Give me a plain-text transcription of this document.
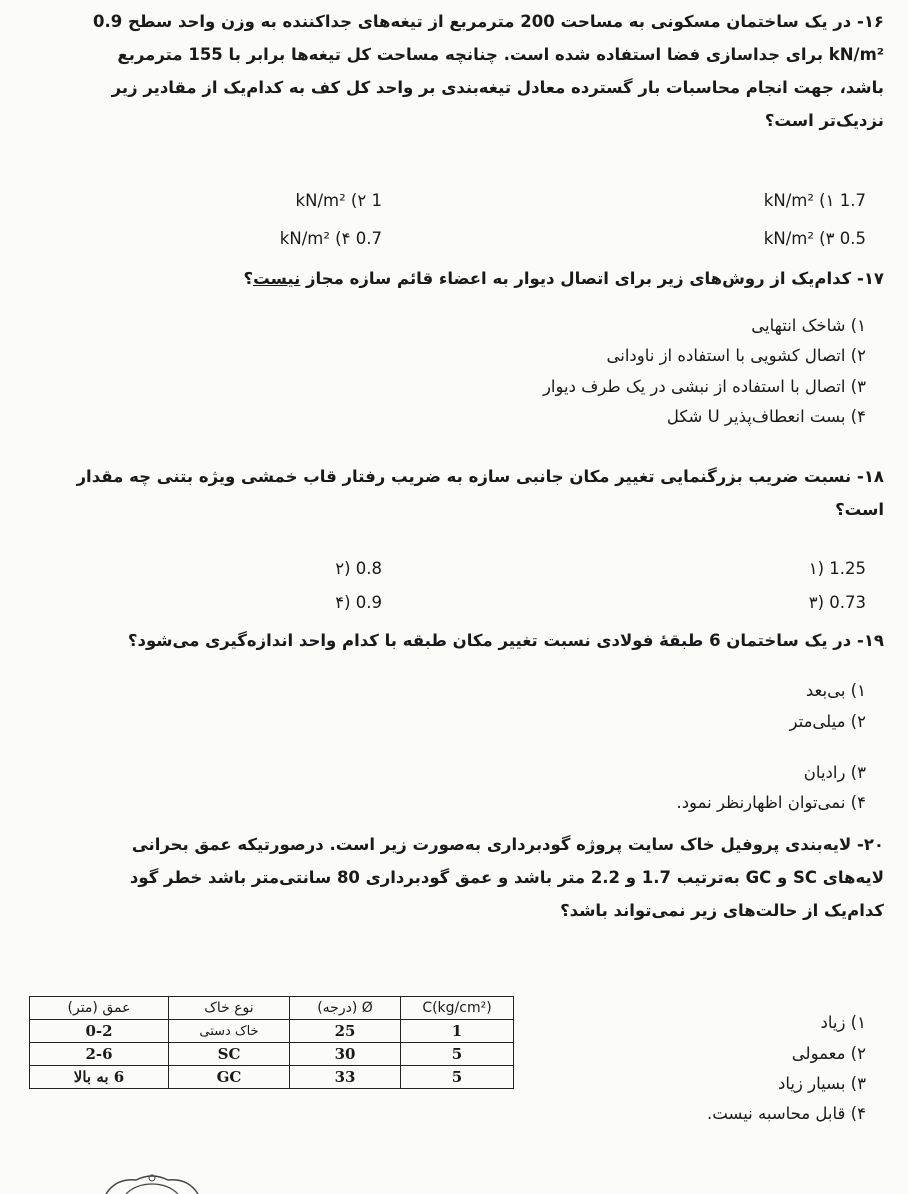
۱۶- در یک ساختمان مسکونی به مساحت 200 مترمربع از تیغه‌های جداکننده به وزن واحد سطح 0.9
kN/m² برای جداسازی فضا استفاده شده است. چنانچه مساحت کل تیغه‌ها برابر با 155 مترمربع
باشد، جهت انجام محاسبات بار گسترده معادل تیغه‌بندی بر واحد کل کف به کدام‌یک از مقادیر زیر
نزدیک‌تر است؟
1.7 kN/m² (۱
1 kN/m² (۲
0.5 kN/m² (۳
0.7 kN/m² (۴
۱۷- کدام‌یک از روش‌های زیر برای اتصال دیوار به اعضاء قائم سازه مجاز نیست؟
۱) شاخک انتهایی
۲) اتصال کشویی با استفاده از ناودانی
۳) اتصال با استفاده از نبشی در یک طرف دیوار
۴) بست انعطاف‌پذیر U شکل
۱۸- نسبت ضریب بزرگنمایی تغییر مکان جانبی سازه به ضریب رفتار قاب خمشی ویژه بتنی چه مقدار
است؟
1.25 (۱
0.8 (۲
0.73 (۳
0.9 (۴
۱۹- در یک ساختمان 6 طبقهٔ فولادی نسبت تغییر مکان طبقه با کدام واحد اندازه‌گیری می‌شود؟
۱) بی‌بعد
۲) میلی‌متر
۳) رادیان
۴) نمی‌توان اظهارنظر نمود.
۲۰- لایه‌بندی پروفیل خاک سایت پروژه گودبرداری به‌صورت زیر است. درصورتیکه عمق بحرانی
لایه‌های SC و GC به‌ترتیب 1.7 و 2.2 متر باشد و عمق گودبرداری 80 سانتی‌متر باشد خطر گود
کدام‌یک از حالت‌های زیر نمی‌تواند باشد؟
۱) زیاد
۲) معمولی
۳) بسیار زیاد
۴) قابل محاسبه نیست.
C(kg/cm²)	Ø (درجه)	نوع خاک	عمق (متر)
1	25	خاک دستی	0-2
5	30	SC	2-6
5	33	GC	6 به بالا
